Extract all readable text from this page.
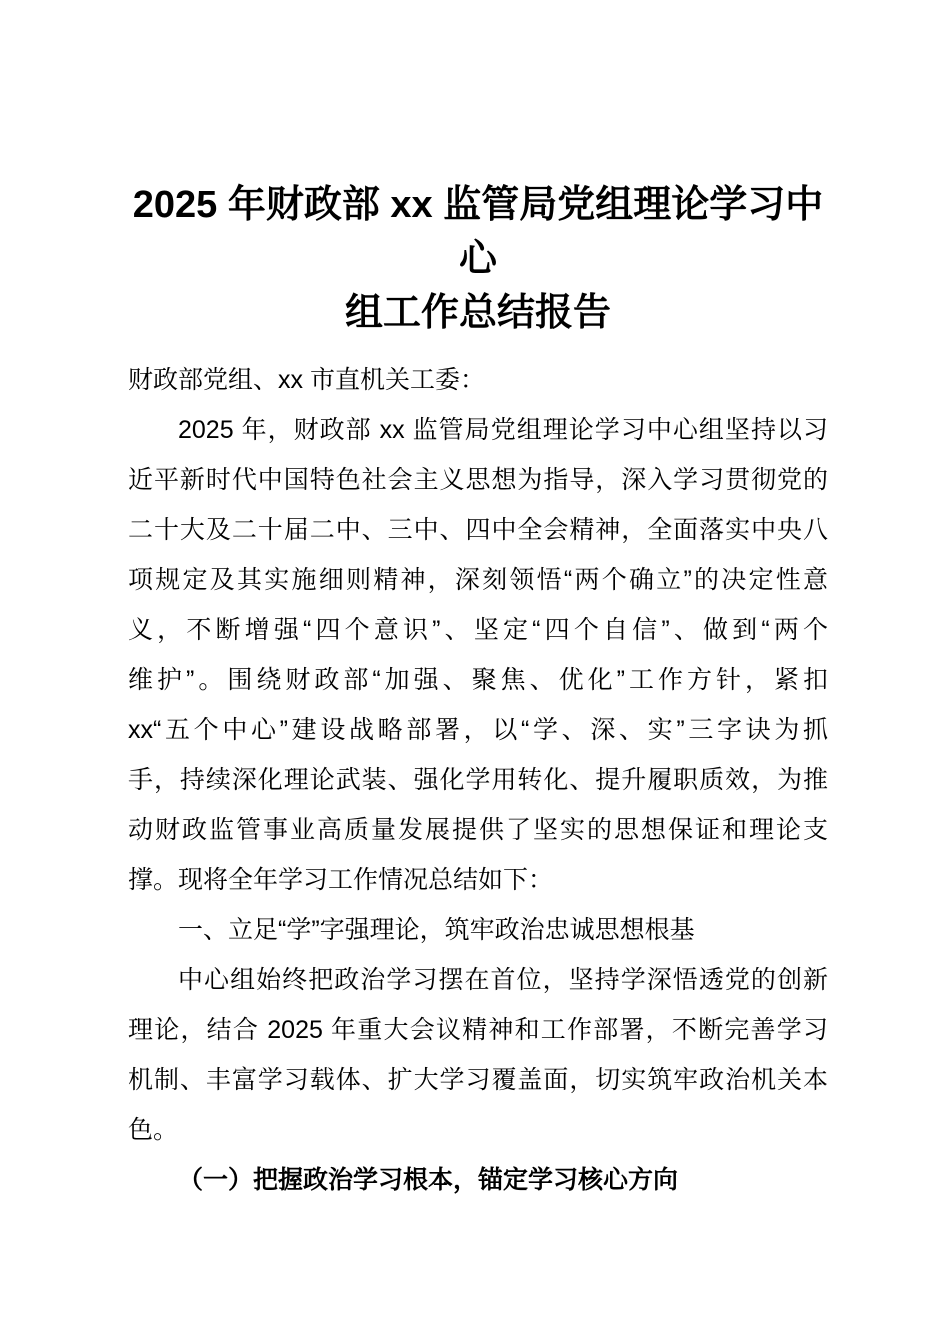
2025 年财政部 xx 监管局党组理论学习中心
组工作总结报告
财政部党组、xx 市直机关工委：
2025 年，财政部 xx 监管局党组理论学习中心组坚持以习
近平新时代中国特色社会主义思想为指导，深入学习贯彻党的
二十大及二十届二中、三中、四中全会精神，全面落实中央八
项规定及其实施细则精神，深刻领悟“两个确立”的决定性意
义，不断增强“四个意识”、坚定“四个自信”、做到“两个
维护”。围绕财政部“加强、聚焦、优化”工作方针，紧扣
xx“五个中心”建设战略部署，以“学、深、实”三字诀为抓
手，持续深化理论武装、强化学用转化、提升履职质效，为推
动财政监管事业高质量发展提供了坚实的思想保证和理论支
撑。现将全年学习工作情况总结如下：
一、立足“学”字强理论，筑牢政治忠诚思想根基
中心组始终把政治学习摆在首位，坚持学深悟透党的创新
理论，结合 2025 年重大会议精神和工作部署，不断完善学习
机制、丰富学习载体、扩大学习覆盖面，切实筑牢政治机关本
色。
（一）把握政治学习根本，锚定学习核心方向
